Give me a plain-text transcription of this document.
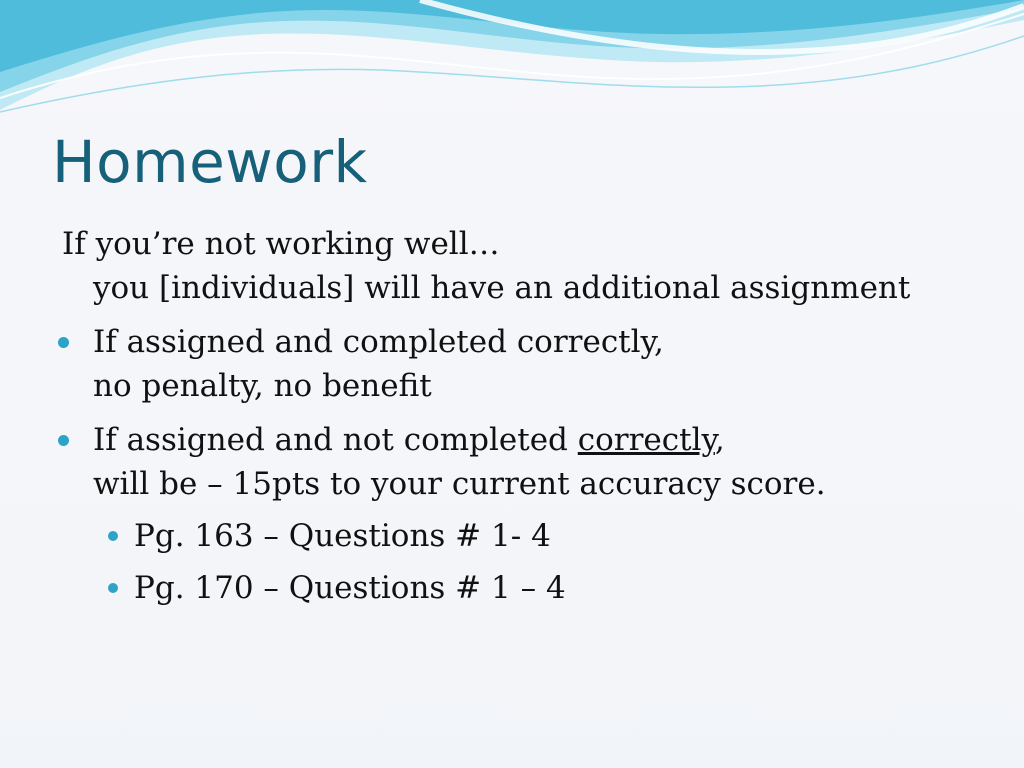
Homework
If you’re not working well…
you [individuals] will have an additional assignment
If assigned and completed correctly,
no penalty, no benefit
If assigned and not completed correctly,
will be – 15pts to your current accuracy score.
Pg. 163 – Questions # 1- 4
Pg. 170 – Questions # 1 – 4
